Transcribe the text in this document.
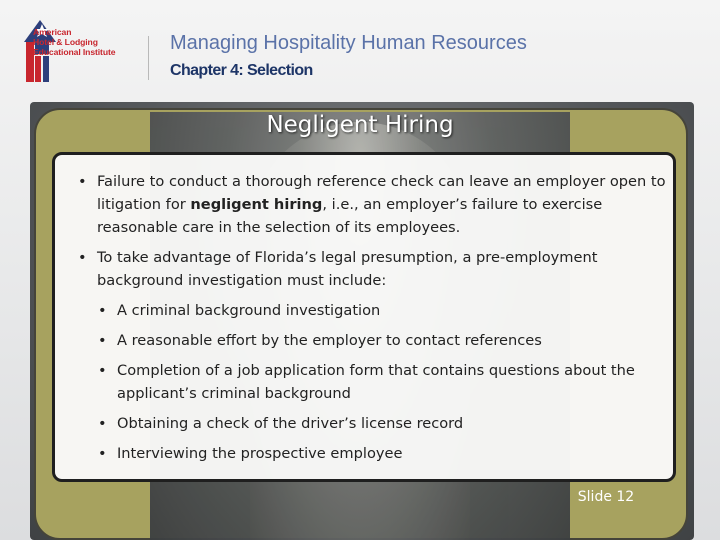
American
Hotel & Lodging
Educational Institute	Managing Hospitality Human Resources
Chapter 4: Selection
Negligent Hiring
• Failure to conduct a thorough reference check can leave an employer open to litigation for negligent hiring, i.e., an employer’s failure to exercise reasonable care in the selection of its employees.
• To take advantage of Florida’s legal presumption, a pre-employment background investigation must include:
• A criminal background investigation
• A reasonable effort by the employer to contact references
• Completion of a job application form that contains questions about the applicant’s criminal background
• Obtaining a check of the driver’s license record
• Interviewing the prospective employee
Slide 12
